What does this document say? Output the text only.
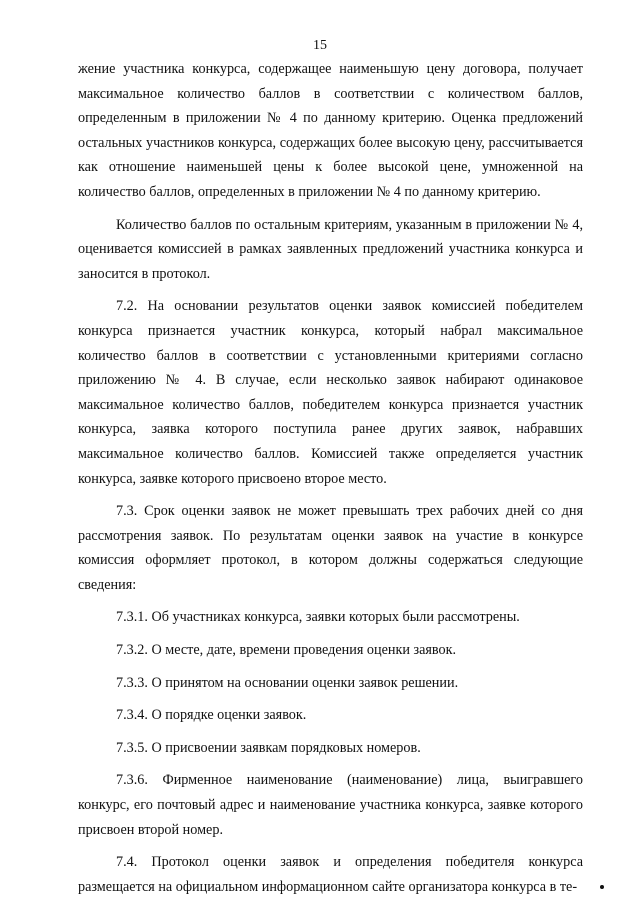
15

жение участника конкурса, содержащее наименьшую цену договора, получает максимальное количество баллов в соответствии с количеством баллов, определенным в приложении № 4 по данному критерию. Оценка предложений остальных участников конкурса, содержащих более высокую цену, рассчитывается как отношение наименьшей цены к более высокой цене, умноженной на количество баллов, определенных в приложении № 4 по данному критерию.

Количество баллов по остальным критериям, указанным в приложении № 4, оценивается комиссией в рамках заявленных предложений участника конкурса и заносится в протокол.

7.2. На основании результатов оценки заявок комиссией победителем конкурса признается участник конкурса, который набрал максимальное количество баллов в соответствии с установленными критериями согласно приложению № 4. В случае, если несколько заявок набирают одинаковое максимальное количество баллов, победителем конкурса признается участник конкурса, заявка которого поступила ранее других заявок, набравших максимальное количество баллов. Комиссией также определяется участник конкурса, заявке которого присвоено второе место.

7.3. Срок оценки заявок не может превышать трех рабочих дней со дня рассмотрения заявок. По результатам оценки заявок на участие в конкурсе комиссия оформляет протокол, в котором должны содержаться следующие сведения:

7.3.1. Об участниках конкурса, заявки которых были рассмотрены.

7.3.2. О месте, дате, времени проведения оценки заявок.

7.3.3. О принятом на основании оценки заявок решении.

7.3.4. О порядке оценки заявок.

7.3.5. О присвоении заявкам порядковых номеров.

7.3.6. Фирменное наименование (наименование) лица, выигравшего конкурс, его почтовый адрес и наименование участника конкурса, заявке которого присвоен второй номер.

7.4. Протокол оценки заявок и определения победителя конкурса размещается на официальном информационном сайте организатора конкурса в те-
